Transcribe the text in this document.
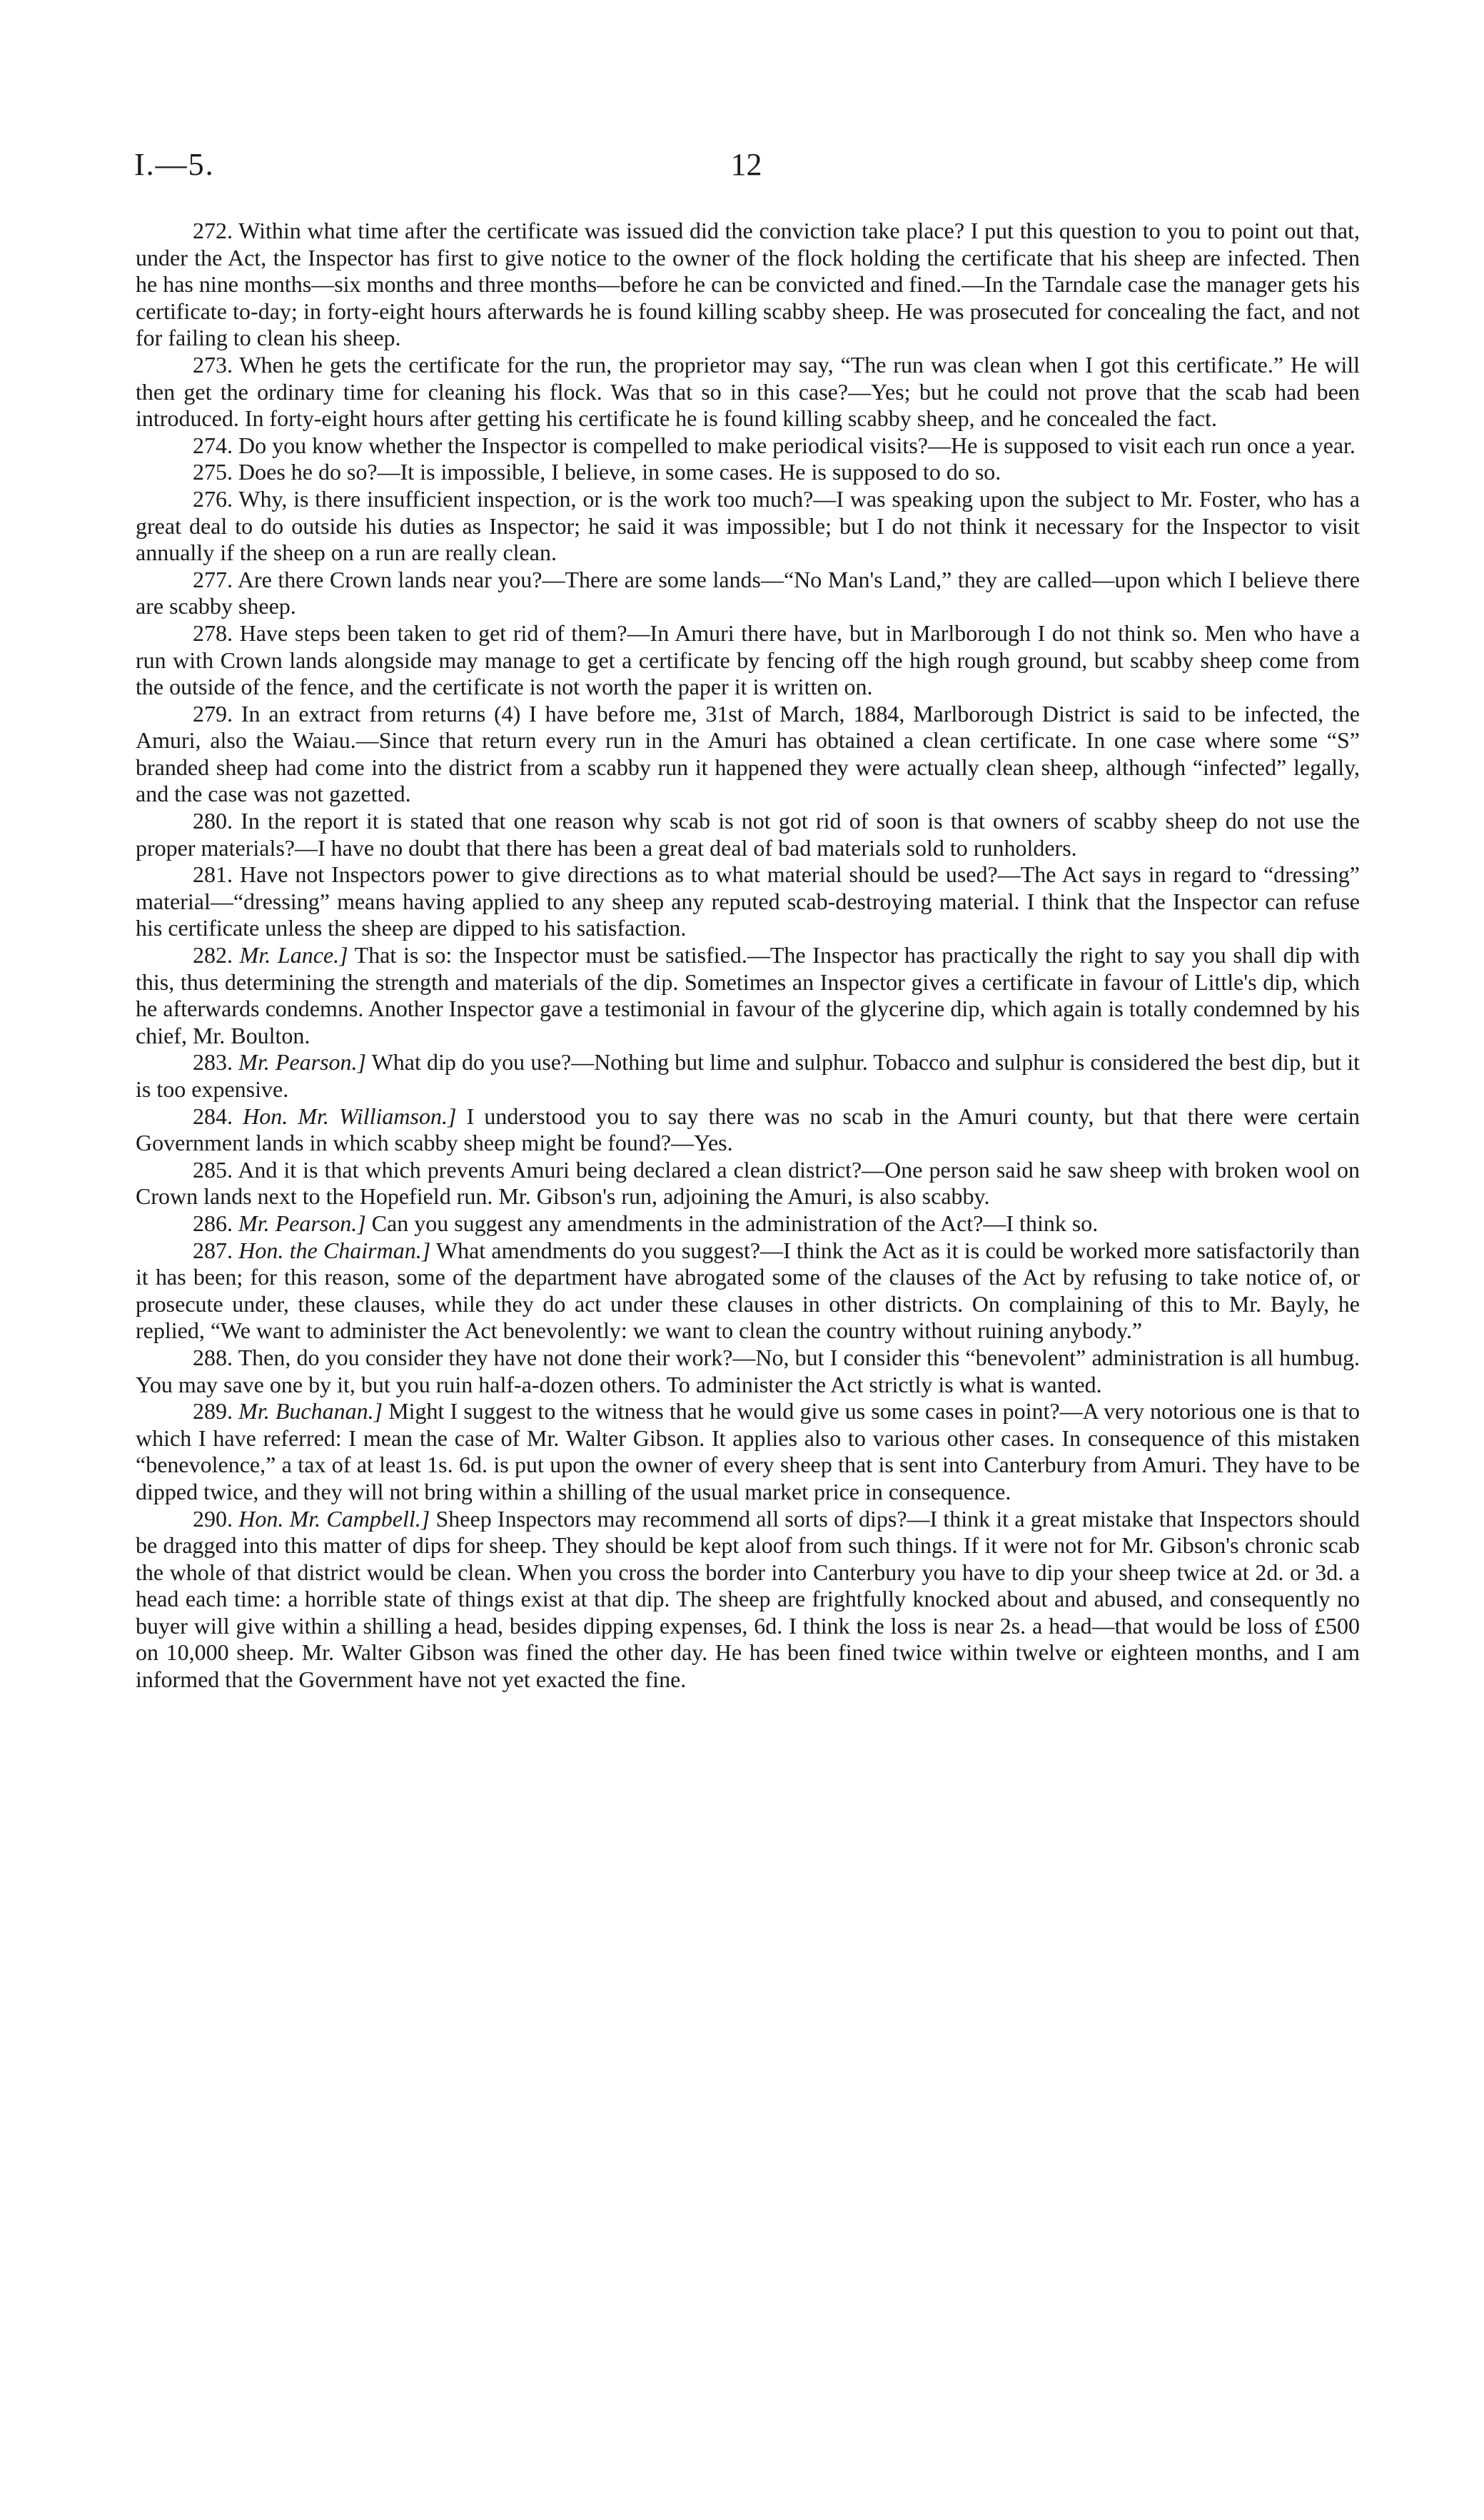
I.—5.	12

272. Within what time after the certificate was issued did the conviction take place? I put this question to you to point out that, under the Act, the Inspector has first to give notice to the owner of the flock holding the certificate that his sheep are infected. Then he has nine months—six months and three months—before he can be convicted and fined.—In the Tarndale case the manager gets his certificate to-day; in forty-eight hours afterwards he is found killing scabby sheep. He was prosecuted for concealing the fact, and not for failing to clean his sheep.

273. When he gets the certificate for the run, the proprietor may say, “The run was clean when I got this certificate.” He will then get the ordinary time for cleaning his flock. Was that so in this case?—Yes; but he could not prove that the scab had been introduced. In forty-eight hours after getting his certificate he is found killing scabby sheep, and he concealed the fact.

274. Do you know whether the Inspector is compelled to make periodical visits?—He is supposed to visit each run once a year.

275. Does he do so?—It is impossible, I believe, in some cases. He is supposed to do so.

276. Why, is there insufficient inspection, or is the work too much?—I was speaking upon the subject to Mr. Foster, who has a great deal to do outside his duties as Inspector; he said it was impossible; but I do not think it necessary for the Inspector to visit annually if the sheep on a run are really clean.

277. Are there Crown lands near you?—There are some lands—“No Man's Land,” they are called—upon which I believe there are scabby sheep.

278. Have steps been taken to get rid of them?—In Amuri there have, but in Marlborough I do not think so. Men who have a run with Crown lands alongside may manage to get a certificate by fencing off the high rough ground, but scabby sheep come from the outside of the fence, and the certificate is not worth the paper it is written on.

279. In an extract from returns (4) I have before me, 31st of March, 1884, Marlborough District is said to be infected, the Amuri, also the Waiau.—Since that return every run in the Amuri has obtained a clean certificate. In one case where some “S” branded sheep had come into the district from a scabby run it happened they were actually clean sheep, although “infected” legally, and the case was not gazetted.

280. In the report it is stated that one reason why scab is not got rid of soon is that owners of scabby sheep do not use the proper materials?—I have no doubt that there has been a great deal of bad materials sold to runholders.

281. Have not Inspectors power to give directions as to what material should be used?—The Act says in regard to “dressing” material—“dressing” means having applied to any sheep any reputed scab-destroying material. I think that the Inspector can refuse his certificate unless the sheep are dipped to his satisfaction.

282. Mr. Lance.] That is so: the Inspector must be satisfied.—The Inspector has practically the right to say you shall dip with this, thus determining the strength and materials of the dip. Sometimes an Inspector gives a certificate in favour of Little's dip, which he afterwards condemns. Another Inspector gave a testimonial in favour of the glycerine dip, which again is totally condemned by his chief, Mr. Boulton.

283. Mr. Pearson.] What dip do you use?—Nothing but lime and sulphur. Tobacco and sulphur is considered the best dip, but it is too expensive.

284. Hon. Mr. Williamson.] I understood you to say there was no scab in the Amuri county, but that there were certain Government lands in which scabby sheep might be found?—Yes.

285. And it is that which prevents Amuri being declared a clean district?—One person said he saw sheep with broken wool on Crown lands next to the Hopefield run. Mr. Gibson's run, adjoining the Amuri, is also scabby.

286. Mr. Pearson.] Can you suggest any amendments in the administration of the Act?—I think so.

287. Hon. the Chairman.] What amendments do you suggest?—I think the Act as it is could be worked more satisfactorily than it has been; for this reason, some of the department have abrogated some of the clauses of the Act by refusing to take notice of, or prosecute under, these clauses, while they do act under these clauses in other districts. On complaining of this to Mr. Bayly, he replied, “We want to administer the Act benevolently: we want to clean the country without ruining anybody.”

288. Then, do you consider they have not done their work?—No, but I consider this “benevolent” administration is all humbug. You may save one by it, but you ruin half-a-dozen others. To administer the Act strictly is what is wanted.

289. Mr. Buchanan.] Might I suggest to the witness that he would give us some cases in point?—A very notorious one is that to which I have referred: I mean the case of Mr. Walter Gibson. It applies also to various other cases. In consequence of this mistaken “benevolence,” a tax of at least 1s. 6d. is put upon the owner of every sheep that is sent into Canterbury from Amuri. They have to be dipped twice, and they will not bring within a shilling of the usual market price in consequence.

290. Hon. Mr. Campbell.] Sheep Inspectors may recommend all sorts of dips?—I think it a great mistake that Inspectors should be dragged into this matter of dips for sheep. They should be kept aloof from such things. If it were not for Mr. Gibson's chronic scab the whole of that district would be clean. When you cross the border into Canterbury you have to dip your sheep twice at 2d. or 3d. a head each time: a horrible state of things exist at that dip. The sheep are frightfully knocked about and abused, and consequently no buyer will give within a shilling a head, besides dipping expenses, 6d. I think the loss is near 2s. a head—that would be loss of £500 on 10,000 sheep. Mr. Walter Gibson was fined the other day. He has been fined twice within twelve or eighteen months, and I am informed that the Government have not yet exacted the fine.
